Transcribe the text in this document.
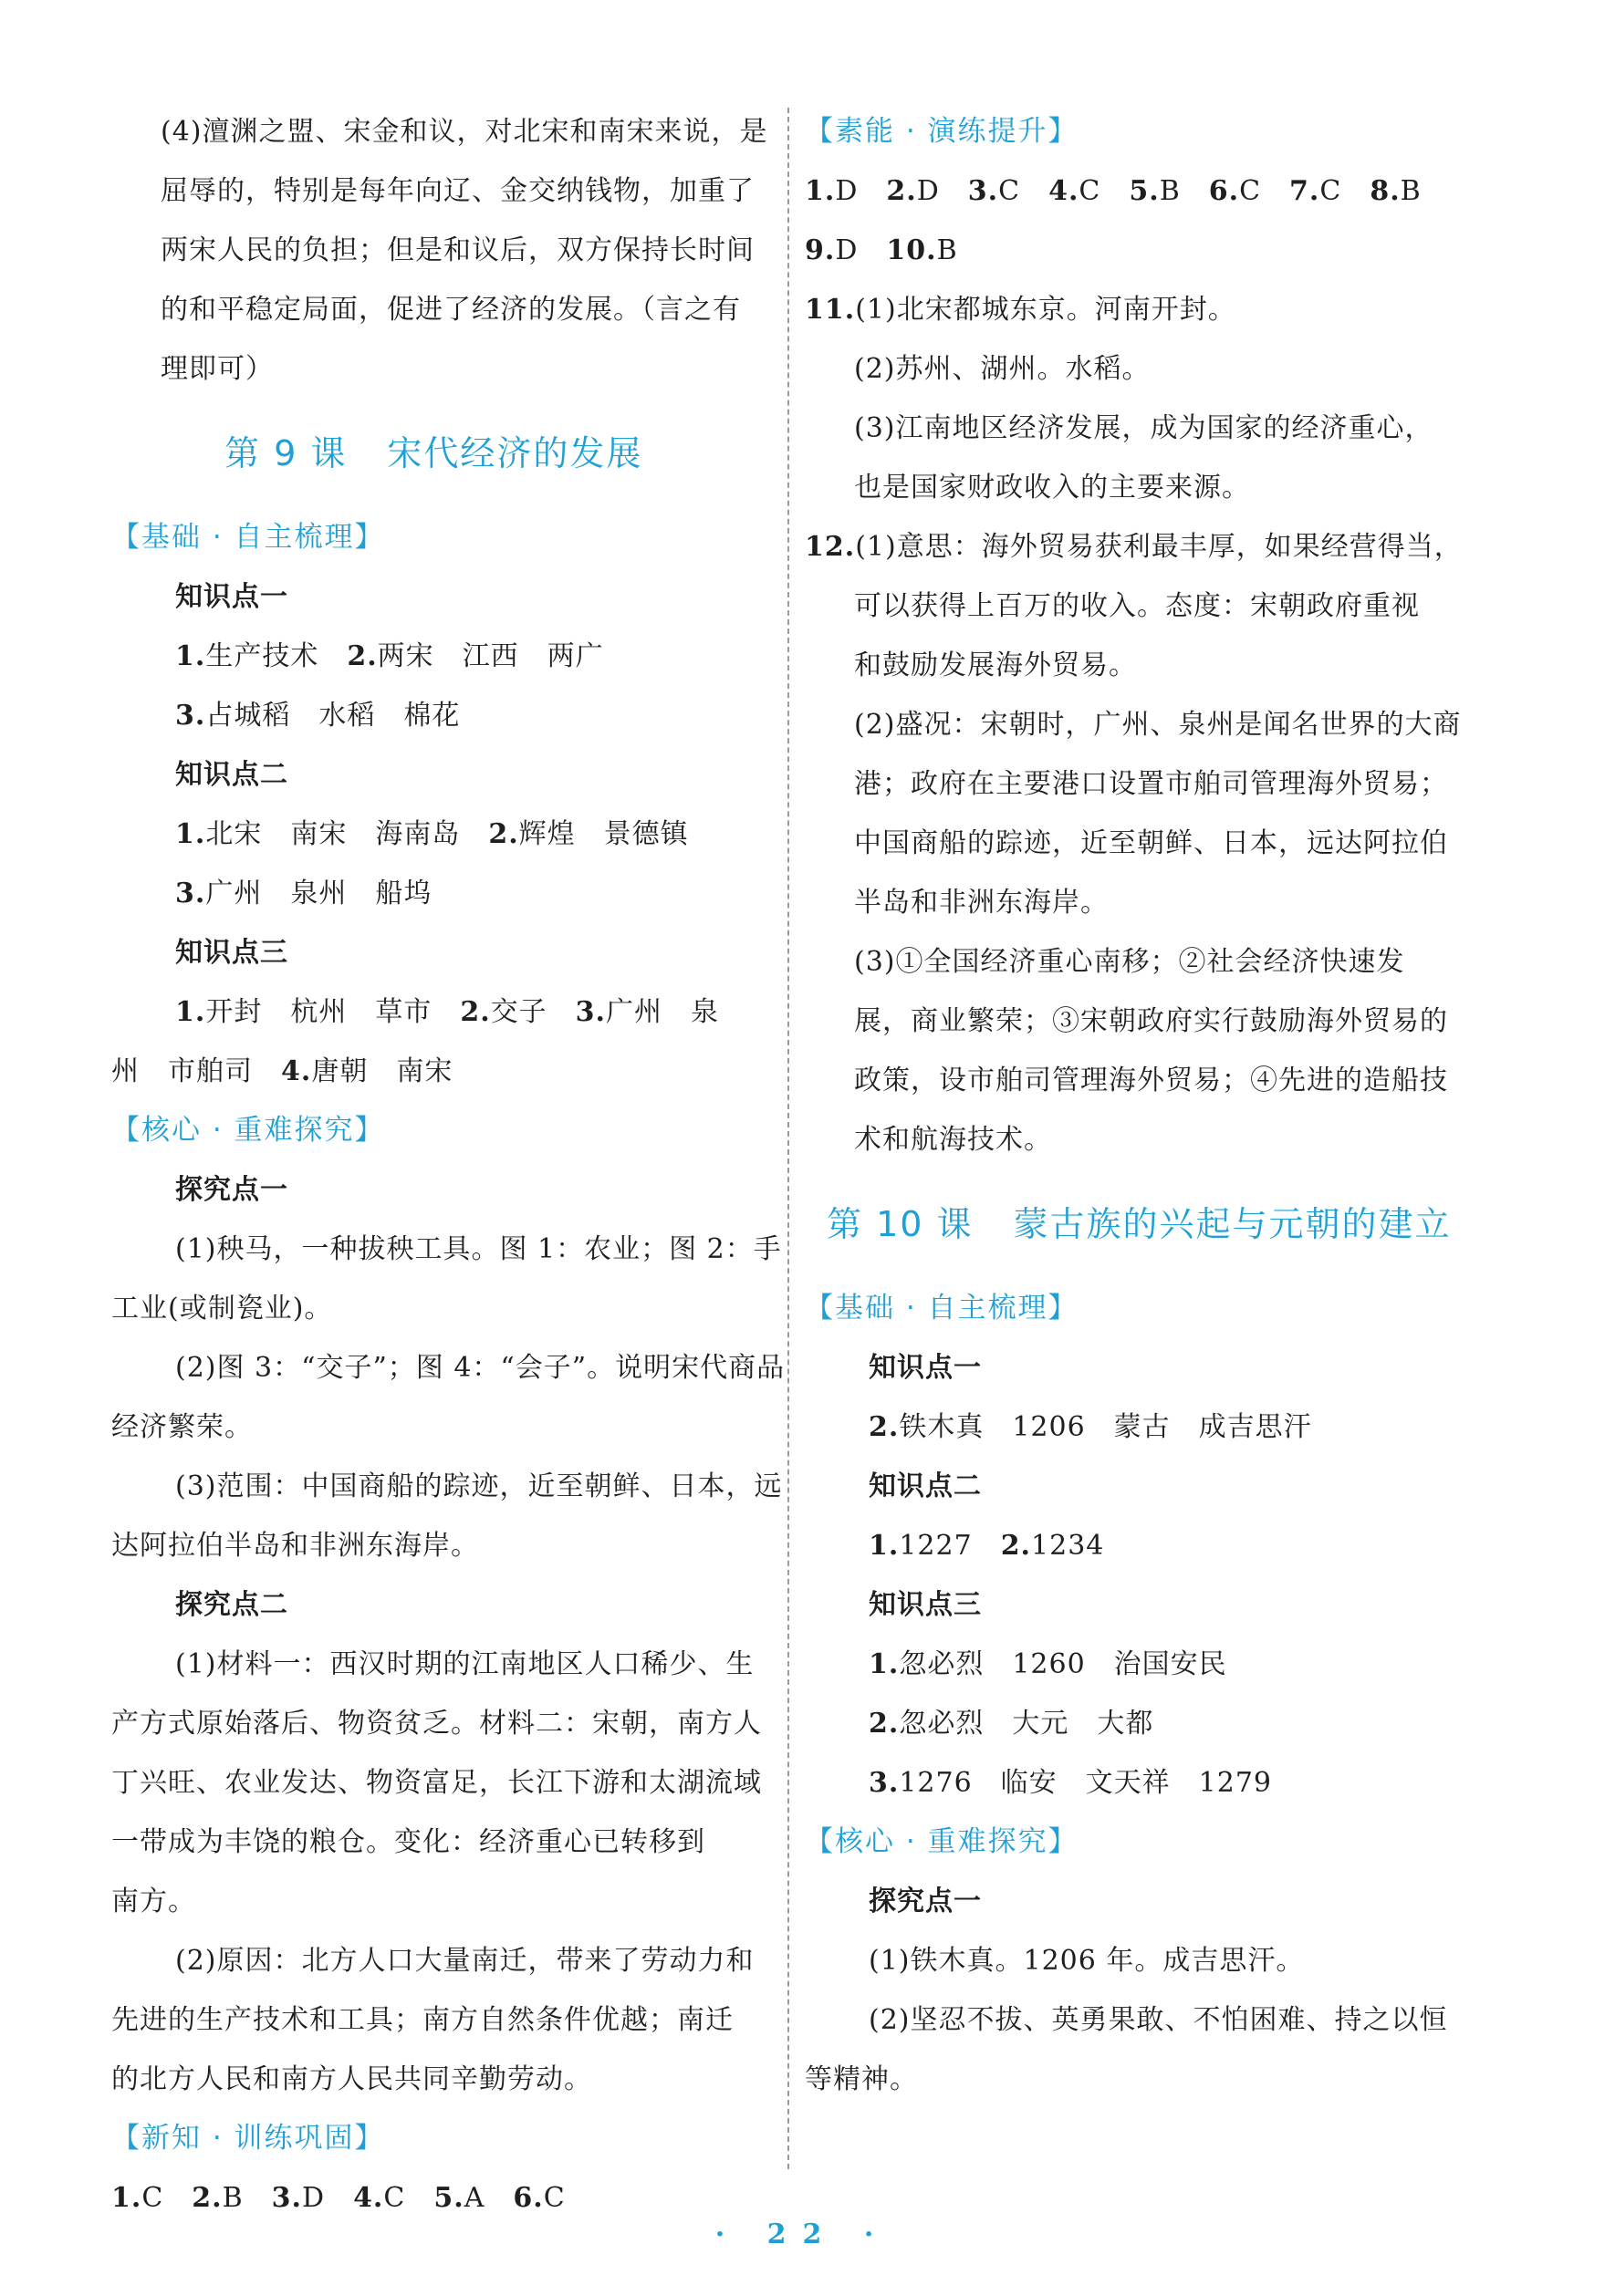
(4)澶渊之盟、宋金和议，对北宋和南宋来说，是
屈辱的，特别是每年向辽、金交纳钱物，加重了
两宋人民的负担；但是和议后，双方保持长时间
的和平稳定局面，促进了经济的发展。（言之有
理即可）
第 9 课 宋代经济的发展
【基础 · 自主梳理】
知识点一
1.生产技术　 2.两宋　江西　两广
3.占城稻　水稻　棉花
知识点二
1.北宋　南宋　海南岛　 2.辉煌　景德镇
3.广州　泉州　船坞
知识点三
1.开封　杭州　草市　 2.交子　 3.广州　泉
州　市舶司　 4.唐朝　南宋
【核心 · 重难探究】
探究点一
(1)秧马，一种拔秧工具。图 1：农业；图 2：手
工业(或制瓷业)。
(2)图 3：“交子”；图 4：“会子”。说明宋代商品
经济繁荣。
(3)范围：中国商船的踪迹，近至朝鲜、日本，远
达阿拉伯半岛和非洲东海岸。
探究点二
(1)材料一：西汉时期的江南地区人口稀少、生
产方式原始落后、物资贫乏。材料二：宋朝，南方人
丁兴旺、农业发达、物资富足，长江下游和太湖流域
一带成为丰饶的粮仓。变化：经济重心已转移到
南方。
(2)原因：北方人口大量南迁，带来了劳动力和
先进的生产技术和工具；南方自然条件优越；南迁
的北方人民和南方人民共同辛勤劳动。
【新知 · 训练巩固】
1.C　 2.B　 3.D　 4.C　 5.A　 6.C
【素能 · 演练提升】
1.D　 2.D　 3.C　 4.C　 5.B　 6.C　 7.C　 8.B
9.D　 10.B
11.(1)北宋都城东京。河南开封。
(2)苏州、湖州。水稻。
(3)江南地区经济发展，成为国家的经济重心，
也是国家财政收入的主要来源。
12.(1)意思：海外贸易获利最丰厚，如果经营得当，
可以获得上百万的收入。态度：宋朝政府重视
和鼓励发展海外贸易。
(2)盛况：宋朝时，广州、泉州是闻名世界的大商
港；政府在主要港口设置市舶司管理海外贸易；
中国商船的踪迹，近至朝鲜、日本，远达阿拉伯
半岛和非洲东海岸。
(3)①全国经济重心南移；②社会经济快速发
展，商业繁荣；③宋朝政府实行鼓励海外贸易的
政策，设市舶司管理海外贸易；④先进的造船技
术和航海技术。
第 10 课 蒙古族的兴起与元朝的建立
【基础 · 自主梳理】
知识点一
2.铁木真　1206　蒙古　成吉思汗
知识点二
1.1227　 2.1234
知识点三
1.忽必烈　1260　治国安民
2.忽必烈　大元　大都
3.1276　临安　文天祥　1279
【核心 · 重难探究】
探究点一
(1)铁木真。1206 年。成吉思汗。
(2)坚忍不拔、英勇果敢、不怕困难、持之以恒
等精神。
· 22 ·
